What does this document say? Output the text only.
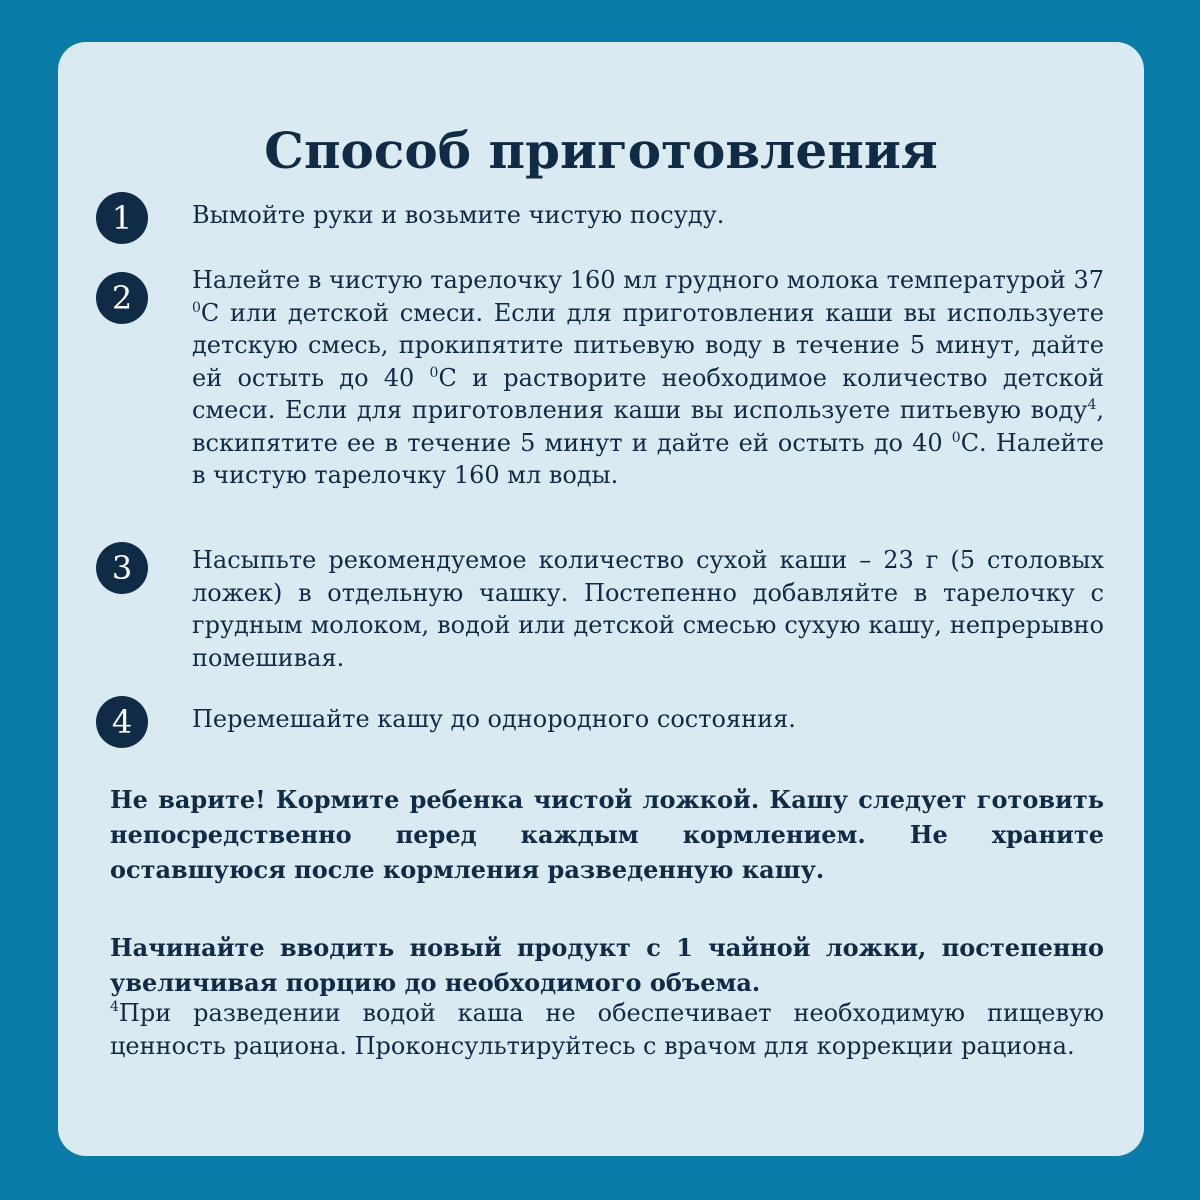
Способ приготовления
1	Вымойте руки и возьмите чистую посуду.

2	Налейте в чистую тарелочку 160 мл грудного молока температурой 37 $^0$С или детской смеси. Если для приготовления каши вы используете детскую смесь, прокипятите питьевую воду в течение 5 минут, дайте ей остыть до 40 $^0$С и растворите необходимое количество детской смеси. Если для приготовления каши вы используете питьевую воду$^4$, вскипятите ее в течение 5 минут и дайте ей остыть до 40 $^0$С. Налейте в чистую тарелочку 160 мл воды.

3	Насыпьте рекомендуемое количество сухой каши – 23 г (5 столовых ложек) в отдельную чашку. Постепенно добавляйте в тарелочку с грудным молоком, водой или детской смесью сухую кашу, непрерывно помешивая.

4	Перемешайте кашу до однородного состояния.

Не варите! Кормите ребенка чистой ложкой. Кашу следует готовить непосредственно перед каждым кормлением. Не храните оставшуюся после кормления разведенную кашу.

Начинайте вводить новый продукт с 1 чайной ложки, постепенно увеличивая порцию до необходимого объема.

$^4$При разведении водой каша не обеспечивает необходимую пищевую ценность рациона. Проконсультируйтесь с врачом для коррекции рациона.
